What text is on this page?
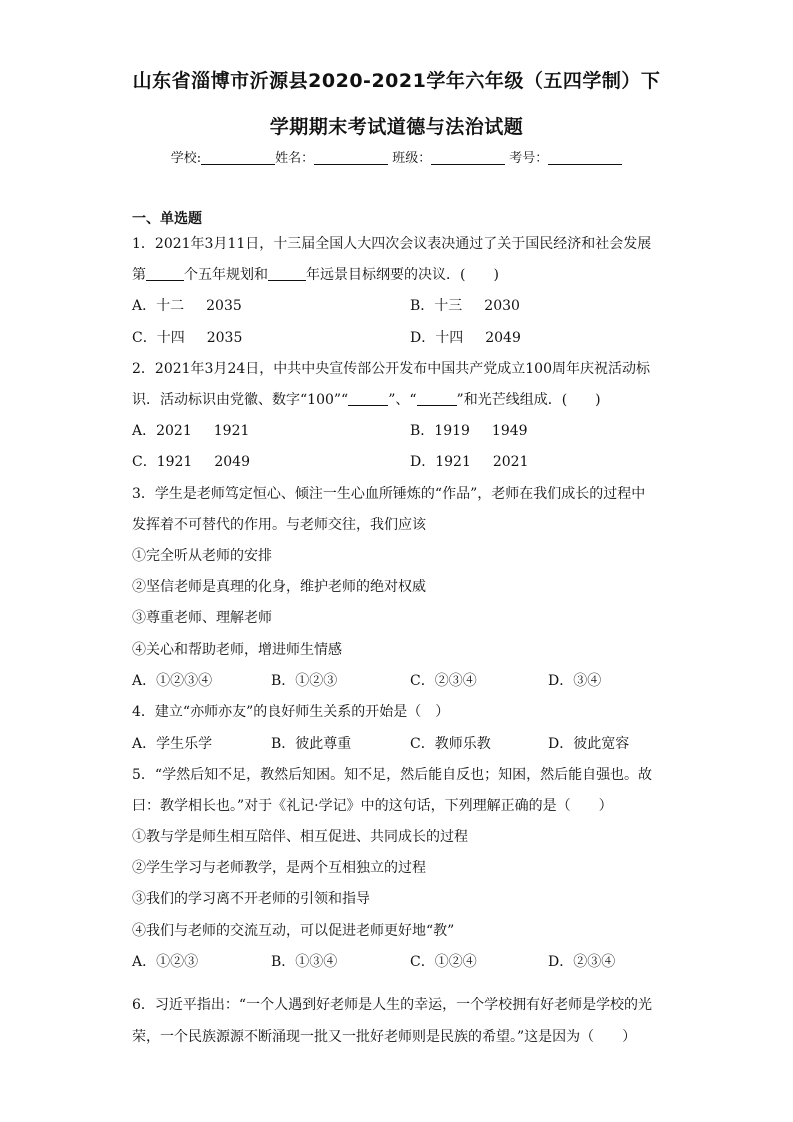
山东省淄博市沂源县2020-2021学年六年级（五四学制）下
学期期末考试道德与法治试题
学校:	姓名：	班级：	考号：
一、单选题
1．2021年3月11日，十三届全国人大四次会议表决通过了关于国民经济和社会发展
第	个五年规划和	年远景目标纲要的决议．(　　)
A．十二 2035	B．十三 2030
C．十四 2035	D．十四 2049
2．2021年3月24日，中共中央宣传部公开发布中国共产党成立100周年庆祝活动标
识．活动标识由党徽、数字“100”“	”、“	”和光芒线组成．(　　)
A．2021 1921	B．1919 1949
C．1921 2049	D．1921 2021
3．学生是老师笃定恒心、倾注一生心血所锤炼的“作品”，老师在我们成长的过程中
发挥着不可替代的作用。与老师交往，我们应该
①完全听从老师的安排
②坚信老师是真理的化身，维护老师的绝对权威
③尊重老师、理解老师
④关心和帮助老师，增进师生情感
A．①②③④	B．①②③	C．②③④	D．③④
4．建立“亦师亦友”的良好师生关系的开始是（　）
A．学生乐学	B．彼此尊重	C．教师乐教	D．彼此宽容
5．“学然后知不足，教然后知困。知不足，然后能自反也；知困，然后能自强也。故
曰：教学相长也。”对于《礼记·学记》中的这句话，下列理解正确的是（　　）
①教与学是师生相互陪伴、相互促进、共同成长的过程
②学生学习与老师教学，是两个互相独立的过程
③我们的学习离不开老师的引领和指导
④我们与老师的交流互动，可以促进老师更好地“教”
A．①②③	B．①③④	C．①②④	D．②③④
6．习近平指出：“一个人遇到好老师是人生的幸运，一个学校拥有好老师是学校的光
荣，一个民族源源不断涌现一批又一批好老师则是民族的希望。”这是因为（　　）
